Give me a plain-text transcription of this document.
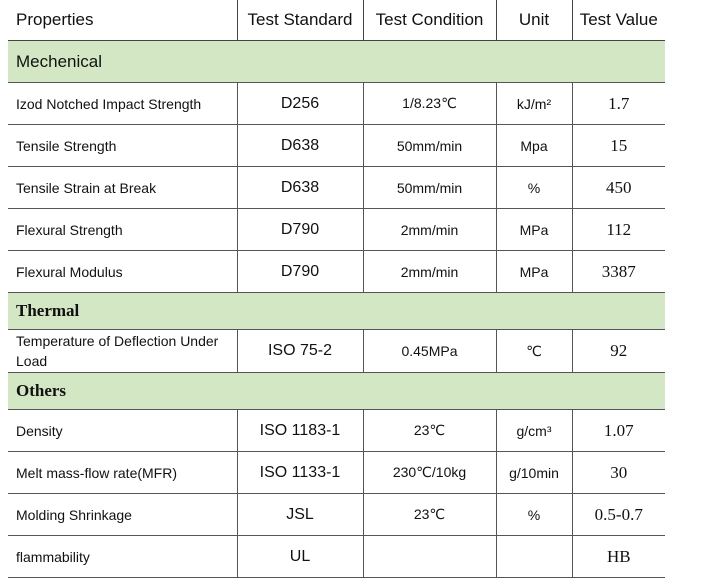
Properties	Test Standard	Test Condition	Unit	Test Value
Mechenical				
Izod Notched Impact Strength	D256	1/8.23℃	kJ/m²	1.7
Tensile Strength	D638	50mm/min	Mpa	15
Tensile Strain at Break	D638	50mm/min	%	450
Flexural Strength	D790	2mm/min	MPa	112
Flexural Modulus	D790	2mm/min	MPa	3387
Thermal				
Temperature of Deflection Under Load	ISO 75-2	0.45MPa	℃	92
Others				
Density	ISO 1183-1	23℃	g/cm³	1.07
Melt mass-flow rate(MFR)	ISO 1133-1	230℃/10kg	g/10min	30
Molding Shrinkage	JSL	23℃	%	0.5-0.7
flammability	UL			HB
